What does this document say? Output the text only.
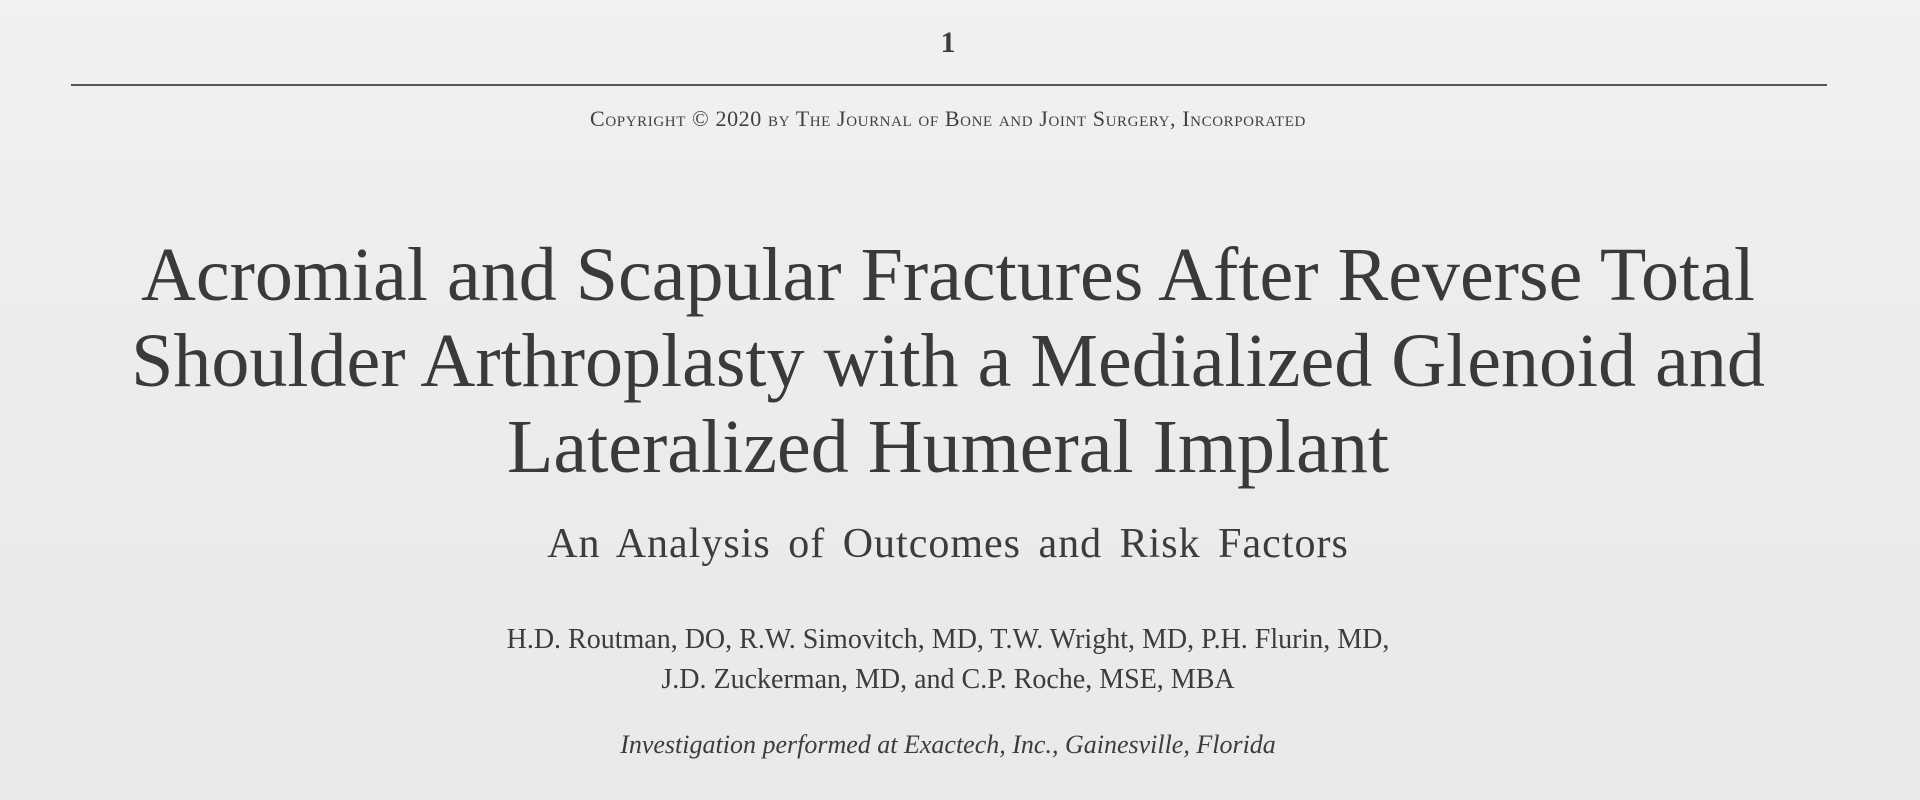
1
Copyright © 2020 by The Journal of Bone and Joint Surgery, Incorporated
Acromial and Scapular Fractures After Reverse Total
Shoulder Arthroplasty with a Medialized Glenoid and
Lateralized Humeral Implant
An Analysis of Outcomes and Risk Factors
H.D. Routman, DO, R.W. Simovitch, MD, T.W. Wright, MD, P.H. Flurin, MD,
J.D. Zuckerman, MD, and C.P. Roche, MSE, MBA
Investigation performed at Exactech, Inc., Gainesville, Florida
